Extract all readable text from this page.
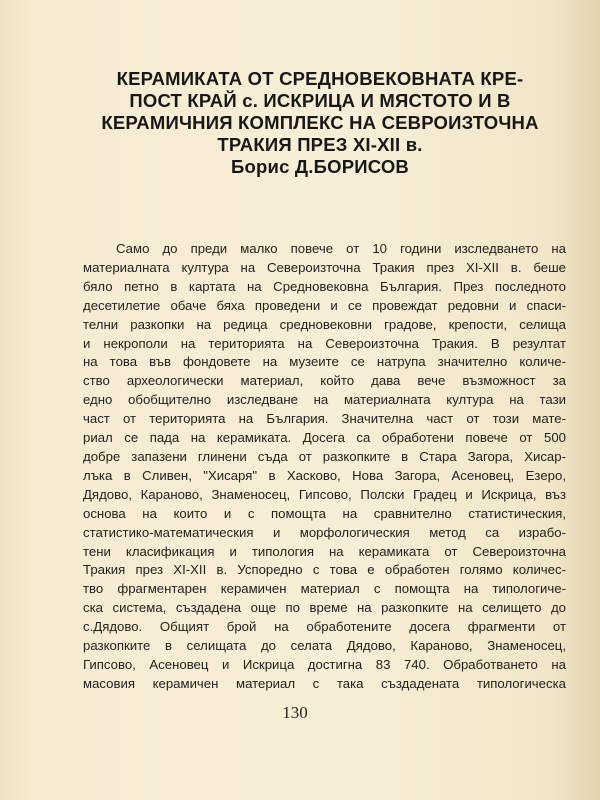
КЕРАМИКАТА ОТ СРЕДНОВЕКОВНАТА КРЕ-
ПОСТ КРАЙ с. ИСКРИЦА И МЯСТОТО И В
КЕРАМИЧНИЯ КОМПЛЕКС НА СЕВРОИЗТОЧНА
ТРАКИЯ ПРЕЗ XI-XII в.
Борис Д.БОРИСОВ
Само до преди малко повече от 10 години изследването на
материалната култура на Североизточна Тракия през XI-XII в. беше
бяло петно в картата на Средновековна България. През последното
десетилетие обаче бяха проведени и се провеждат редовни и спаси-
телни разкопки на редица средновековни градове, крепости, селища
и некрополи на територията на Североизточна Тракия. В резултат
на това във фондовете на музеите се натрупа значително количе-
ство археологически материал, който дава вече възможност за
едно обобщително изследване на материалната култура на тази
част от територията на България. Значителна част от този мате-
риал се пада на керамиката. Досега са обработени повече от 500
добре запазени глинени съда от разкопките в Стара Загора, Хисар-
лъка в Сливен, "Хисаря" в Хасково, Нова Загора, Асеновец, Езеро,
Дядово, Караново, Знаменосец, Гипсово, Полски Градец и Искрица, въз
основа на които и с помощта на сравнително статистическия,
статистико-математическия и морфологическия метод са израбо-
тени класификация и типология на керамиката от Североизточна
Тракия през XI-XII в. Успоредно с това е обработен голямо количес-
тво фрагментарен керамичен материал с помощта на типологиче-
ска система, създадена още по време на разкопките на селището до
с.Дядово. Общият брой на обработените досега фрагменти от
разкопките в селищата до селата Дядово, Караново, Знаменосец,
Гипсово, Асеновец и Искрица достигна 83 740. Обработването на
масовия керамичен материал с така създадената типологическа
130
